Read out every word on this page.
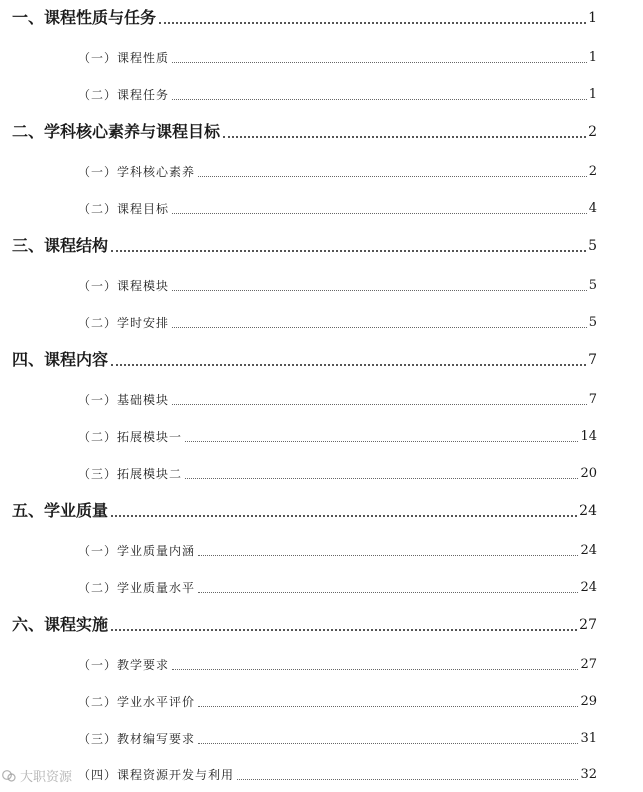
一、课程性质与任务	1
（一）课程性质	1
（二）课程任务	1
二、学科核心素养与课程目标	2
（一）学科核心素养	2
（二）课程目标	4
三、课程结构	5
（一）课程模块	5
（二）学时安排	5
四、课程内容	7
（一）基础模块	7
（二）拓展模块一	14
（三）拓展模块二	20
五、学业质量	24
（一）学业质量内涵	24
（二）学业质量水平	24
六、课程实施	27
（一）教学要求	27
（二）学业水平评价	29
（三）教材编写要求	31
（四）课程资源开发与利用	32
大职资源
